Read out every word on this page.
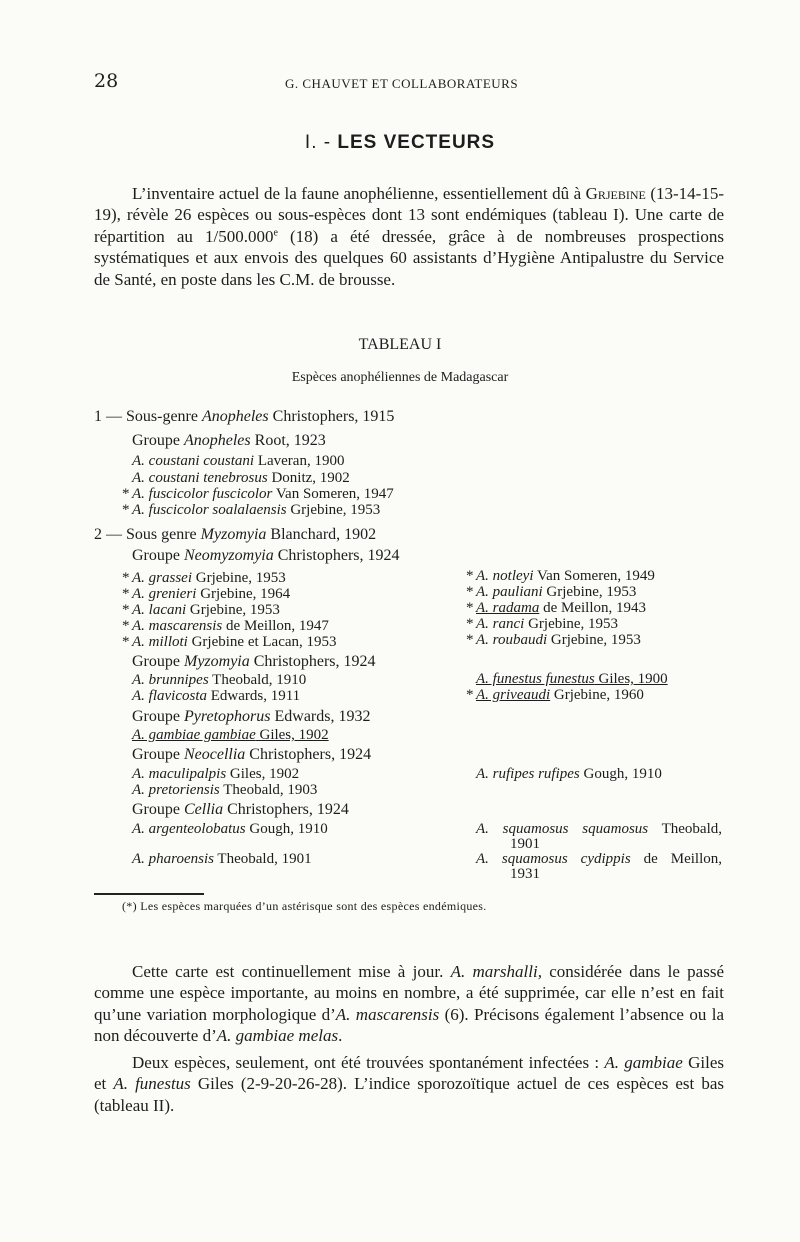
28	G. CHAUVET ET COLLABORATEURS
I. - LES VECTEURS

L’inventaire actuel de la faune anophélienne, essentiellement dû à Grjebine (13-14-15-19), révèle 26 espèces ou sous-espèces dont 13 sont endémiques (tableau I). Une carte de répartition au 1/500.000e (18) a été dressée, grâce à de nombreuses prospections systématiques et aux envois des quelques 60 assistants d’Hygiène Antipalustre du Service de Santé, en poste dans les C.M. de brousse.

TABLEAU I
Espèces anophéliennes de Madagascar
1 — Sous-genre Anopheles Christophers, 1915
Groupe Anopheles Root, 1923
A. coustani coustani Laveran, 1900
A. coustani tenebrosus Donitz, 1902
* A. fuscicolor fuscicolor Van Someren, 1947
* A. fuscicolor soalalaensis Grjebine, 1953
2 — Sous genre Myzomyia Blanchard, 1902
Groupe Neomyzomyia Christophers, 1924
* A. grassei Grjebine, 1953
* A. grenieri Grjebine, 1964
* A. lacani Grjebine, 1953
* A. mascarensis de Meillon, 1947
* A. milloti Grjebine et Lacan, 1953
* A. notleyi Van Someren, 1949
* A. pauliani Grjebine, 1953
* A. radama de Meillon, 1943
* A. ranci Grjebine, 1953
* A. roubaudi Grjebine, 1953
Groupe Myzomyia Christophers, 1924
A. brunnipes Theobald, 1910
A. flavicosta Edwards, 1911
A. funestus funestus Giles, 1900
* A. griveaudi Grjebine, 1960
Groupe Pyretophorus Edwards, 1932
A. gambiae gambiae Giles, 1902
Groupe Neocellia Christophers, 1924
A. maculipalpis Giles, 1902
A. pretoriensis Theobald, 1903
A. rufipes rufipes Gough, 1910
Groupe Cellia Christophers, 1924
A. argenteolobatus Gough, 1910
A. pharoensis Theobald, 1901
A. squamosus squamosus Theobald,
1901
A. squamosus cydippis de Meillon,
1931
(*) Les espèces marquées d’un astérisque sont des espèces endémiques.

Cette carte est continuellement mise à jour. A. marshalli, considérée dans le passé comme une espèce importante, au moins en nombre, a été supprimée, car elle n’est en fait qu’une variation morphologique d’A. mascarensis (6). Précisons également l’absence ou la non découverte d’A. gambiae melas.

Deux espèces, seulement, ont été trouvées spontanément infectées : A. gambiae Giles et A. funestus Giles (2-9-20-26-28). L’indice sporozoïtique actuel de ces espèces est bas (tableau II).
